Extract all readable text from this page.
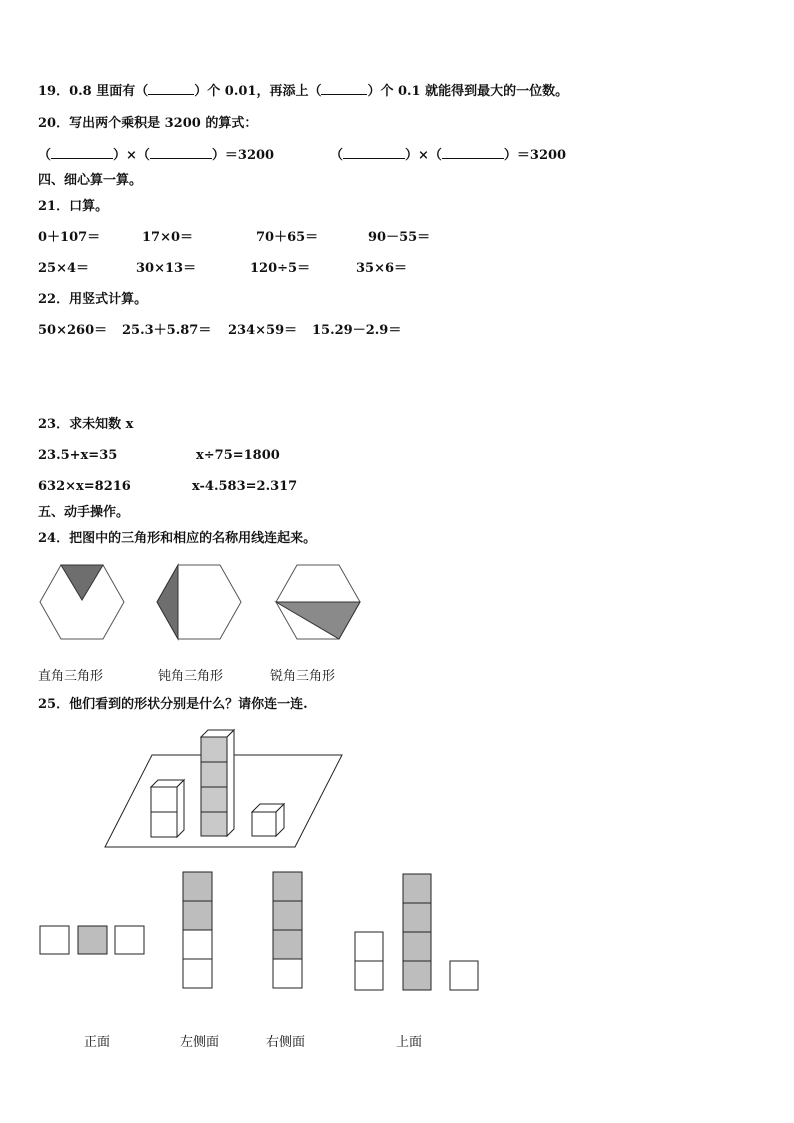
19．0.8 里面有（	）个 0.01，再添上（	）个 0.1 就能得到最大的一位数。
20．写出两个乘积是 3200 的算式：
（	）×（	）＝3200	（	）×（	）＝3200
四、细心算一算。
21．口算。
0＋107＝	17×0＝	70＋65＝	90－55＝
25×4＝	30×13＝	120÷5＝	35×6＝
22．用竖式计算。
50×260＝ 25.3＋5.87＝ 234×59＝ 15.29－2.9＝
23．求未知数 x
23.5+x=35	x÷75=1800
632×x=8216	x-4.583=2.317
五、动手操作。
24．把图中的三角形和相应的名称用线连起来。
直角三角形	钝角三角形	锐角三角形
25．他们看到的形状分别是什么？请你连一连.
正面	左侧面	右侧面	上面
